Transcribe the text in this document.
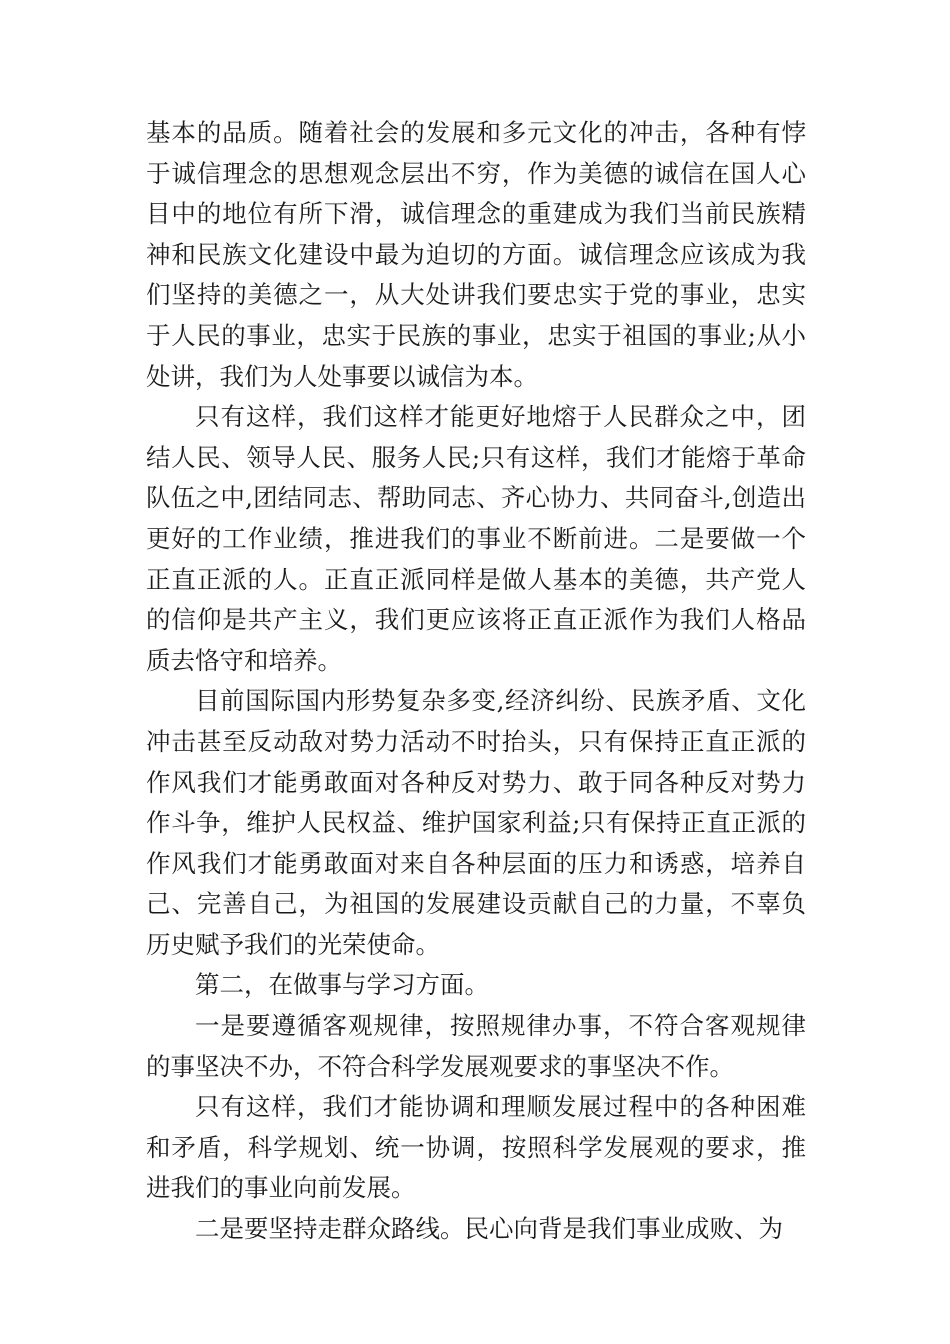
基本的品质。随着社会的发展和多元文化的冲击，各种有悖于诚信理念的思想观念层出不穷，作为美德的诚信在国人心目中的地位有所下滑，诚信理念的重建成为我们当前民族精神和民族文化建设中最为迫切的方面。诚信理念应该成为我们坚持的美德之一，从大处讲我们要忠实于党的事业，忠实于人民的事业，忠实于民族的事业，忠实于祖国的事业;从小处讲，我们为人处事要以诚信为本。

只有这样，我们这样才能更好地熔于人民群众之中，团结人民、领导人民、服务人民;只有这样，我们才能熔于革命队伍之中,团结同志、帮助同志、齐心协力、共同奋斗,创造出更好的工作业绩，推进我们的事业不断前进。二是要做一个正直正派的人。正直正派同样是做人基本的美德，共产党人的信仰是共产主义，我们更应该将正直正派作为我们人格品质去恪守和培养。

目前国际国内形势复杂多变,经济纠纷、民族矛盾、文化冲击甚至反动敌对势力活动不时抬头，只有保持正直正派的作风我们才能勇敢面对各种反对势力、敢于同各种反对势力作斗争，维护人民权益、维护国家利益;只有保持正直正派的作风我们才能勇敢面对来自各种层面的压力和诱惑，培养自己、完善自己，为祖国的发展建设贡献自己的力量，不辜负历史赋予我们的光荣使命。

第二，在做事与学习方面。

一是要遵循客观规律，按照规律办事，不符合客观规律的事坚决不办，不符合科学发展观要求的事坚决不作。

只有这样，我们才能协调和理顺发展过程中的各种困难和矛盾，科学规划、统一协调，按照科学发展观的要求，推进我们的事业向前发展。

二是要坚持走群众路线。民心向背是我们事业成败、为
